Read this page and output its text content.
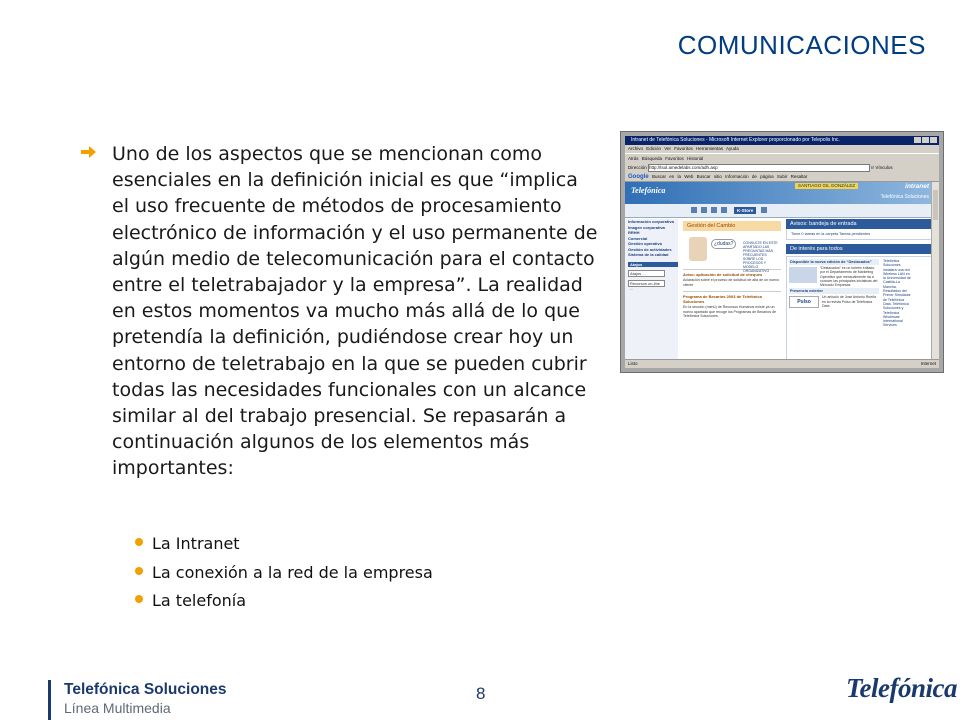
COMUNICACIONES

Uno de los aspectos que se mencionan como esenciales en la definición inicial es que “implica el uso frecuente de métodos de procesamiento electrónico de información y el uso permanente de algún medio de telecomunicación para el contacto entre el teletrabajador y la empresa”. La realidad en estos momentos va mucho más allá de lo que pretendía la definición, pudiéndose crear hoy un entorno de teletrabajo en la que se pueden cubrir todas las necesidades funcionales con un alcance similar al del trabajo presencial. Se repasarán a continuación algunos de los elementos más importantes:

La Intranet
La conexión a la red de la empresa
La telefonía
Intranet de Telefónica Soluciones - Microsoft Internet Explorer proporcionado por Telepolis Inc.
Archivo Edición Ver Favoritos Herramientas Ayuda
Atrás Búsqueda Favoritos Historial
Dirección http://tsol.amedelabs.com/adh.asp	Ir Vínculos
Google Buscar en la Web Buscar sitio Información de página Subir Resaltar
Telefónica
SANTIAGO GIL GONZÁLEZ	intranet
Telefónica Soluciones
K-Store
Información corporativa
Imagen corporativa
RRHH
Comercial
Gestión operativa
Gestión de actividades
Sistema de la calidad
Atajos
Atajos ...
Recursos on-line ...
Gestión del Cambio
¿dudas?	CONSULTE EN ESTE APARTADO LAS PREGUNTAS MÁS FRECUENTES SOBRE LOS PROCESOS Y MODELO ORGANIZATIVO
Aviso: aplicación de solicitud de cheques

Aclaración sobre el proceso de solicitud de alta de un nuevo cliente

Programa de Becarios 2003 de Telefónica Soluciones

En la sección (menú) de Recursos Humanos existe ya un nuevo apartado que recoge los Programas de Becarios de Telefónica Soluciones.

Avisos: bandeja de entrada
Tiene 0 tareas en la carpeta Tareas pendientes
De interés para todos
Disponible la nueva edición de “Destacados”

“Destacados” es un boletín editado por el Departamento de Marketing Operativo que mensualmente da a conocer las principales iniciativas del Mercado Empresas

Presencia exterior
Pulso

Un artículo de José Antonio Rueña en la revista Pulso de Telefónica Data

Telefónica Soluciones instalará una red Wireless LAN en la Universidad de Castilla-La Mancha. Resultados del Primer Simulador de Telefónica Data. Telefónica Soluciones y Telefónica Wholesale International Services
Listo	Internet
Telefónica Soluciones
Línea Multimedia
8	Telefónica
